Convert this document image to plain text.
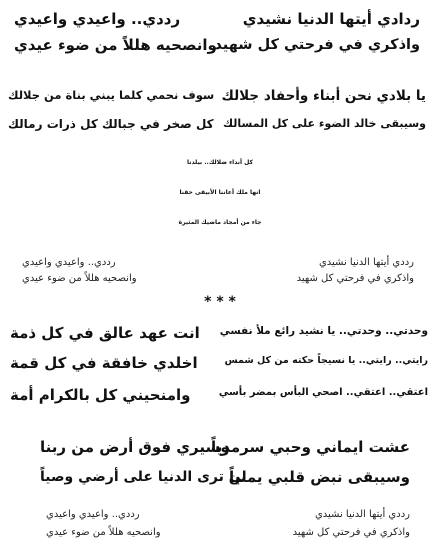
ردادي أيتها الدنيا نشيدي
واذكري في فرحتي كل شهيد
رددي.. واعيدي واعيدي
وانصحيه هللاً من ضوء عيدي
يا بلادي نحن أبناء وأحفاد جلالك
وسيبقى خالد الضوء على كل المسالك
سوف نحمي كلما يبني بناة من جلالك
كل صخر في جبالك كل ذرات رمالك
كل أنداء ضلالك.. بيلدنا
انها ملك أعاننا الأبيقى حقنا
جاء من أمجاد ماضيك المثيرة
رددي أيتها الدنيا نشيدي
واذكري في فرحتي كل شهيد
رددي.. واعيدي واعيدي
وانصحيه هللاً من ضوء عيدي
* * *
وحدتي.. وحدتي.. يا نشيد رائع ملأ نفسي
رايتي.. رايتي.. يا نسيجاً حكته من كل شمس
اعتقي.. اعتقي.. اصحي البأس بمضر بأسي
انت عهد عالق في كل ذمة
اخلدي خافقة في كل قمة
وامنحيني كل بالكرام أمة
عشت ايماني وحبي سرمدياً
وسيبقى نبض قلبي يمنياً
وسيري فوق أرض من ربنا
لن ترى الدنيا على أرضي وصياً
رددي أيتها الدنيا نشيدي
واذكري في فرحتي كل شهيد
رددي.. واعيدي واعيدي
وانصحيه هللاً من ضوء عيدي
